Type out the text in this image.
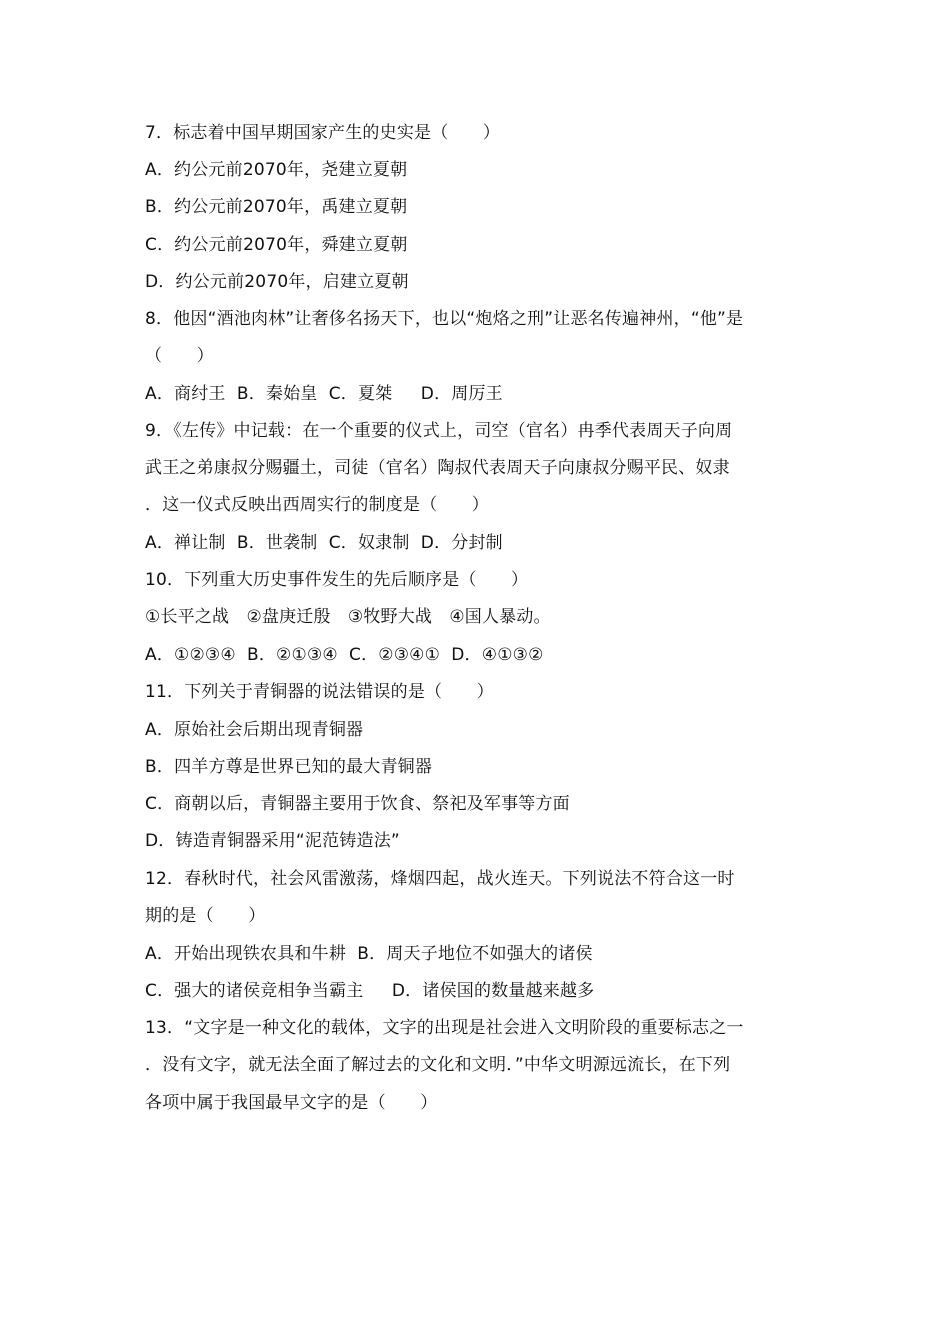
7．标志着中国早期国家产生的史实是（　　）
A．约公元前2070年，尧建立夏朝
B．约公元前2070年，禹建立夏朝
C．约公元前2070年，舜建立夏朝
D．约公元前2070年，启建立夏朝
8．他因“酒池肉林”让奢侈名扬天下，也以“炮烙之刑”让恶名传遍神州，“他”是
（　　）
A．商纣王  B．秦始皇  C．夏桀　  D．周厉王
9．《左传》中记载：在一个重要的仪式上，司空（官名）冉季代表周天子向周
武王之弟康叔分赐疆土，司徒（官名）陶叔代表周天子向康叔分赐平民、奴隶
．这一仪式反映出西周实行的制度是（　　）
A．禅让制  B．世袭制  C．奴隶制  D．分封制
10．下列重大历史事件发生的先后顺序是（　　）
①长平之战　②盘庚迁殷　③牧野大战　④国人暴动。
A．①②③④  B．②①③④  C．②③④①  D．④①③②
11．下列关于青铜器的说法错误的是（　　）
A．原始社会后期出现青铜器
B．四羊方尊是世界已知的最大青铜器
C．商朝以后，青铜器主要用于饮食、祭祀及军事等方面
D．铸造青铜器采用“泥范铸造法”
12．春秋时代，社会风雷激荡，烽烟四起，战火连天。下列说法不符合这一时
期的是（　　）
A．开始出现铁农具和牛耕  B．周天子地位不如强大的诸侯
C．强大的诸侯竞相争当霸主　  D．诸侯国的数量越来越多
13．“文字是一种文化的载体，文字的出现是社会进入文明阶段的重要标志之一
．没有文字，就无法全面了解过去的文化和文明．”中华文明源远流长，在下列
各项中属于我国最早文字的是（　　）
